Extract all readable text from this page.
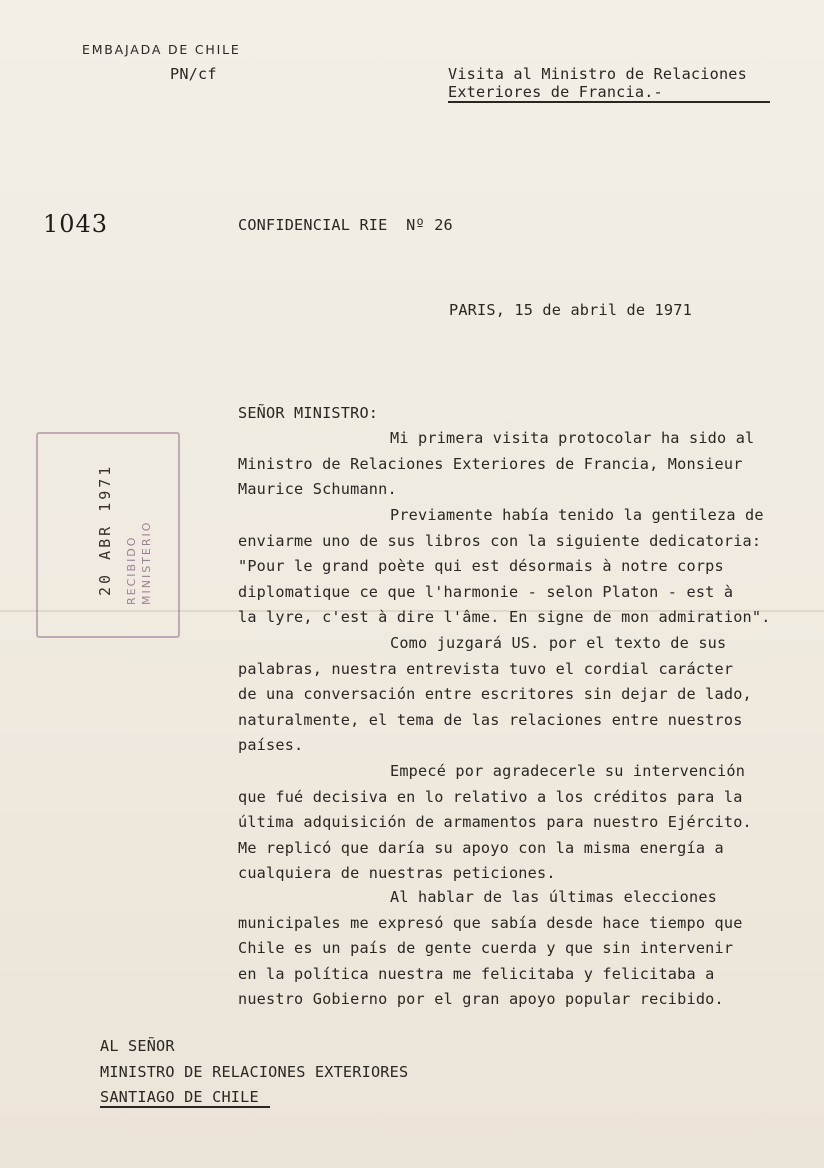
EMBAJADA DE CHILE
PN/cf	Visita al Ministro de Relaciones
Exteriores de Francia.-
1043	CONFIDENCIAL RIE  Nº 26
PARIS, 15 de abril de 1971
SEÑOR MINISTRO:
Mi primera visita protocolar ha sido al
Ministro de Relaciones Exteriores de Francia, Monsieur
Maurice Schumann.
Previamente había tenido la gentileza de
enviarme uno de sus libros con la siguiente dedicatoria:
"Pour le grand poète qui est désormais à notre corps
diplomatique ce que l'harmonie - selon Platon - est à
la lyre, c'est à dire l'âme. En signe de mon admiration".
Como juzgará US. por el texto de sus
palabras, nuestra entrevista tuvo el cordial carácter
de una conversación entre escritores sin dejar de lado,
naturalmente, el tema de las relaciones entre nuestros
países.
Empecé por agradecerle su intervención
que fué decisiva en lo relativo a los créditos para la
última adquisición de armamentos para nuestro Ejército.
Me replicó que daría su apoyo con la misma energía a
cualquiera de nuestras peticiones.
Al hablar de las últimas elecciones
municipales me expresó que sabía desde hace tiempo que
Chile es un país de gente cuerda y que sin intervenir
en la política nuestra me felicitaba y felicitaba a
nuestro Gobierno por el gran apoyo popular recibido.
AL SEÑOR
MINISTRO DE RELACIONES EXTERIORES
SANTIAGO DE CHILE
20 ABR 1971 RECIBIDO
MINISTERIO
